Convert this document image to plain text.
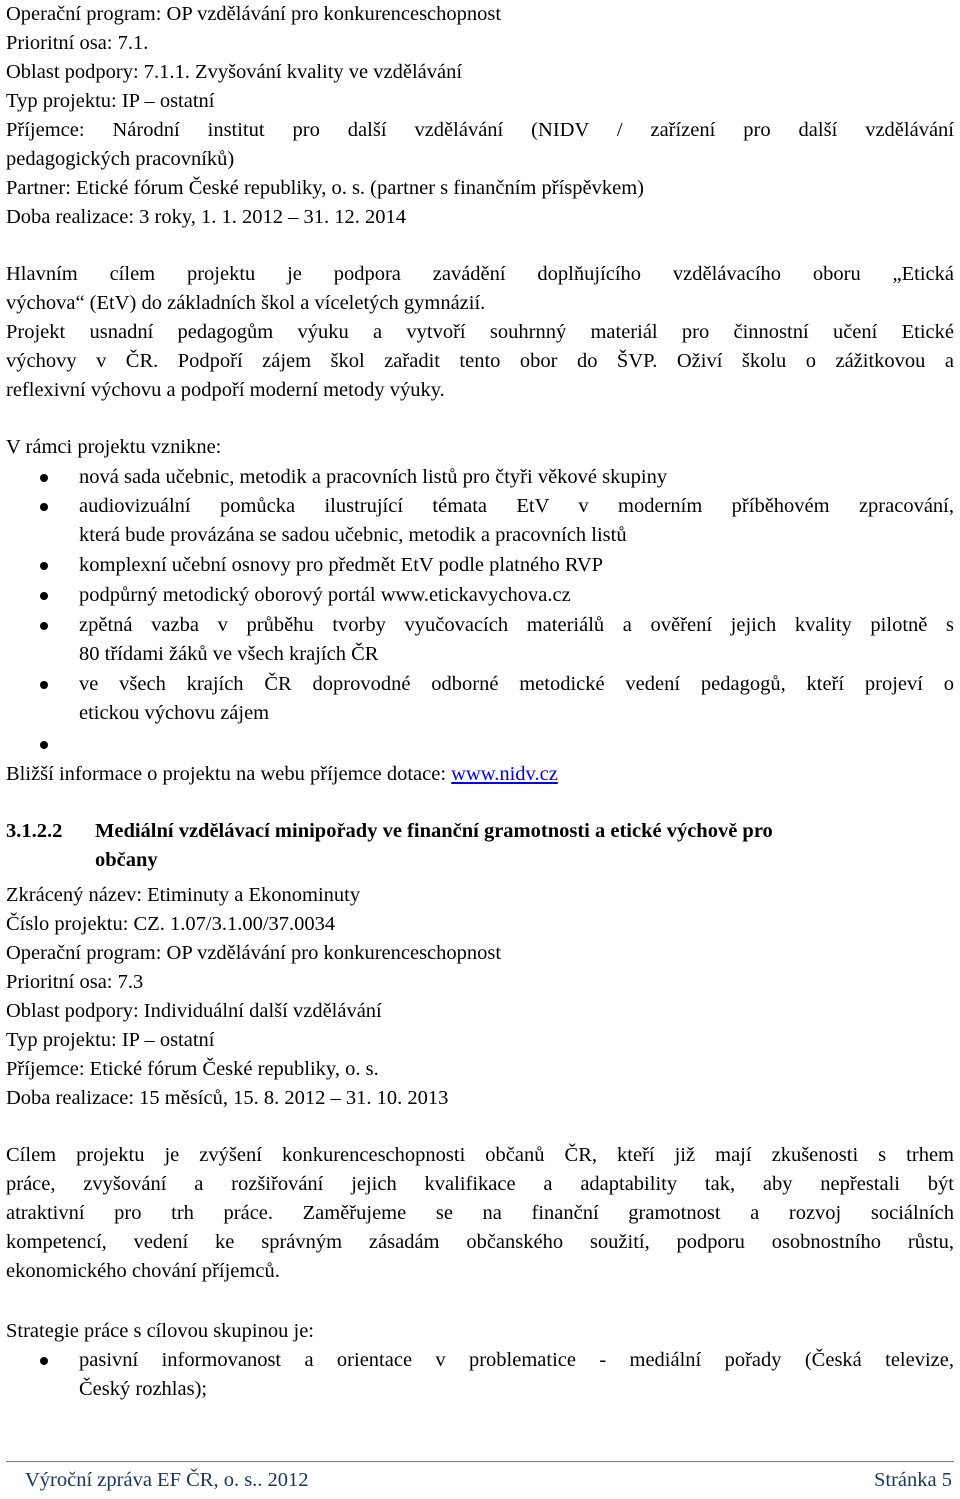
Operační program: OP vzdělávání pro konkurenceschopnost
Prioritní osa: 7.1.
Oblast podpory: 7.1.1. Zvyšování kvality ve vzdělávání
Typ projektu: IP – ostatní
Příjemce: Národní institut pro další vzdělávání (NIDV / zařízení pro další vzdělávání
pedagogických pracovníků)
Partner: Etické fórum České republiky, o. s. (partner s finančním příspěvkem)
Doba realizace: 3 roky, 1. 1. 2012 – 31. 12. 2014
Hlavním cílem projektu je podpora zavádění doplňujícího vzdělávacího oboru „Etická
výchova“ (EtV) do základních škol a víceletých gymnázií.
Projekt usnadní pedagogům výuku a vytvoří souhrnný materiál pro činnostní učení Etické
výchovy v ČR. Podpoří zájem škol zařadit tento obor do ŠVP. Oživí školu o zážitkovou a
reflexivní výchovu a podpoří moderní metody výuky.
V rámci projektu vznikne:
nová sada učebnic, metodik a pracovních listů pro čtyři věkové skupiny
audiovizuální pomůcka ilustrující témata EtV v moderním příběhovém zpracování,
která bude provázána se sadou učebnic, metodik a pracovních listů
komplexní učební osnovy pro předmět EtV podle platného RVP
podpůrný metodický oborový portál www.etickavychova.cz
zpětná vazba v průběhu tvorby vyučovacích materiálů a ověření jejich kvality pilotně s
80 třídami žáků ve všech krajích ČR
ve všech krajích ČR doprovodné odborné metodické vedení pedagogů, kteří projeví o
etickou výchovu zájem
Bližší informace o projektu na webu příjemce dotace: www.nidv.cz
3.1.2.2 Mediální vzdělávací minipořady ve finanční gramotnosti a etické výchově pro
občany
Zkrácený název: Etiminuty a Ekonominuty
Číslo projektu: CZ. 1.07/3.1.00/37.0034
Operační program: OP vzdělávání pro konkurenceschopnost
Prioritní osa: 7.3
Oblast podpory: Individuální další vzdělávání
Typ projektu: IP – ostatní
Příjemce: Etické fórum České republiky, o. s.
Doba realizace: 15 měsíců, 15. 8. 2012 – 31. 10. 2013
Cílem projektu je zvýšení konkurenceschopnosti občanů ČR, kteří již mají zkušenosti s trhem
práce, zvyšování a rozšiřování jejich kvalifikace a adaptability tak, aby nepřestali být
atraktivní pro trh práce. Zaměřujeme se na finanční gramotnost a rozvoj sociálních
kompetencí, vedení ke správným zásadám občanského soužití, podporu osobnostního růstu,
ekonomického chování příjemců.
Strategie práce s cílovou skupinou je:
pasivní informovanost a orientace v problematice - mediální pořady (Česká televize,
Český rozhlas);
Výroční zpráva EF ČR, o. s.. 2012	Stránka 5
